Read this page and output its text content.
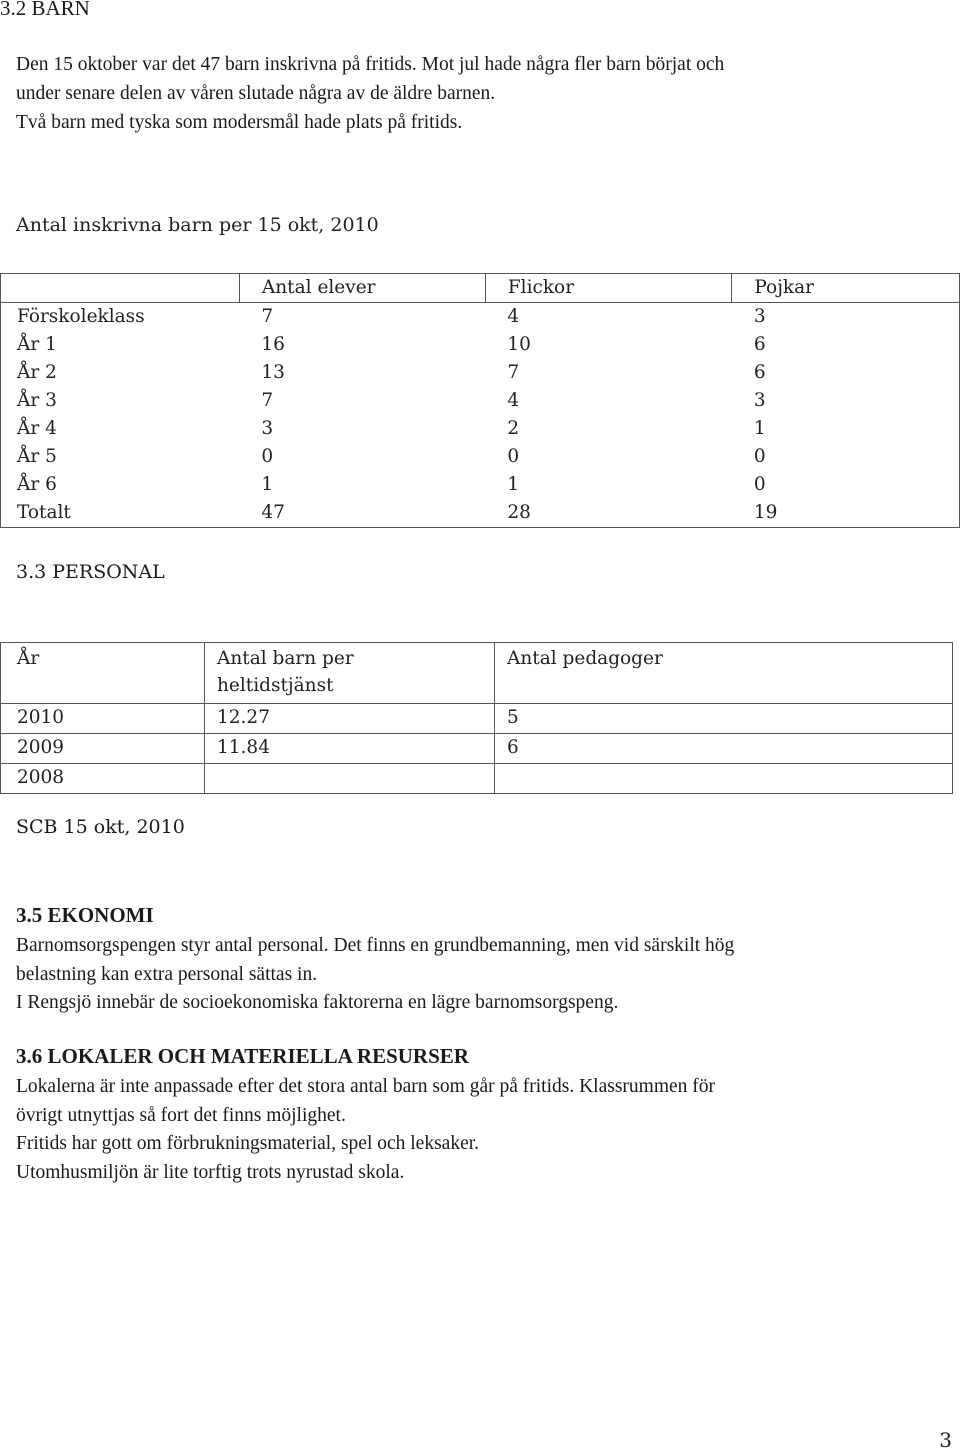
3.2 BARN
Den 15 oktober var det 47 barn inskrivna på fritids. Mot jul hade några fler barn börjat och
under senare delen av våren slutade några av de äldre barnen.
Två barn med tyska som modersmål hade plats på fritids.
Antal inskrivna barn per 15 okt, 2010
	Antal elever	Flickor	Pojkar
Förskoleklass	7	4	3
År 1	16	10	6
År 2	13	7	6
År 3	7	4	3
År 4	3	2	1
År 5	0	0	0
År 6	1	1	0
Totalt	47	28	19
3.3 PERSONAL
År	Antal barn per heltidstjänst	Antal pedagoger
2010	12.27	5
2009	11.84	6
2008		
SCB 15 okt, 2010
3.5 EKONOMI
Barnomsorgspengen styr antal personal. Det finns en grundbemanning, men vid särskilt hög
belastning kan extra personal sättas in.
I Rengsjö innebär de socioekonomiska faktorerna en lägre barnomsorgspeng.
3.6 LOKALER OCH MATERIELLA RESURSER
Lokalerna är inte anpassade efter det stora antal barn som går på fritids. Klassrummen för
övrigt utnyttjas så fort det finns möjlighet.
Fritids har gott om förbrukningsmaterial, spel och leksaker.
Utomhusmiljön är lite torftig trots nyrustad skola.
3
